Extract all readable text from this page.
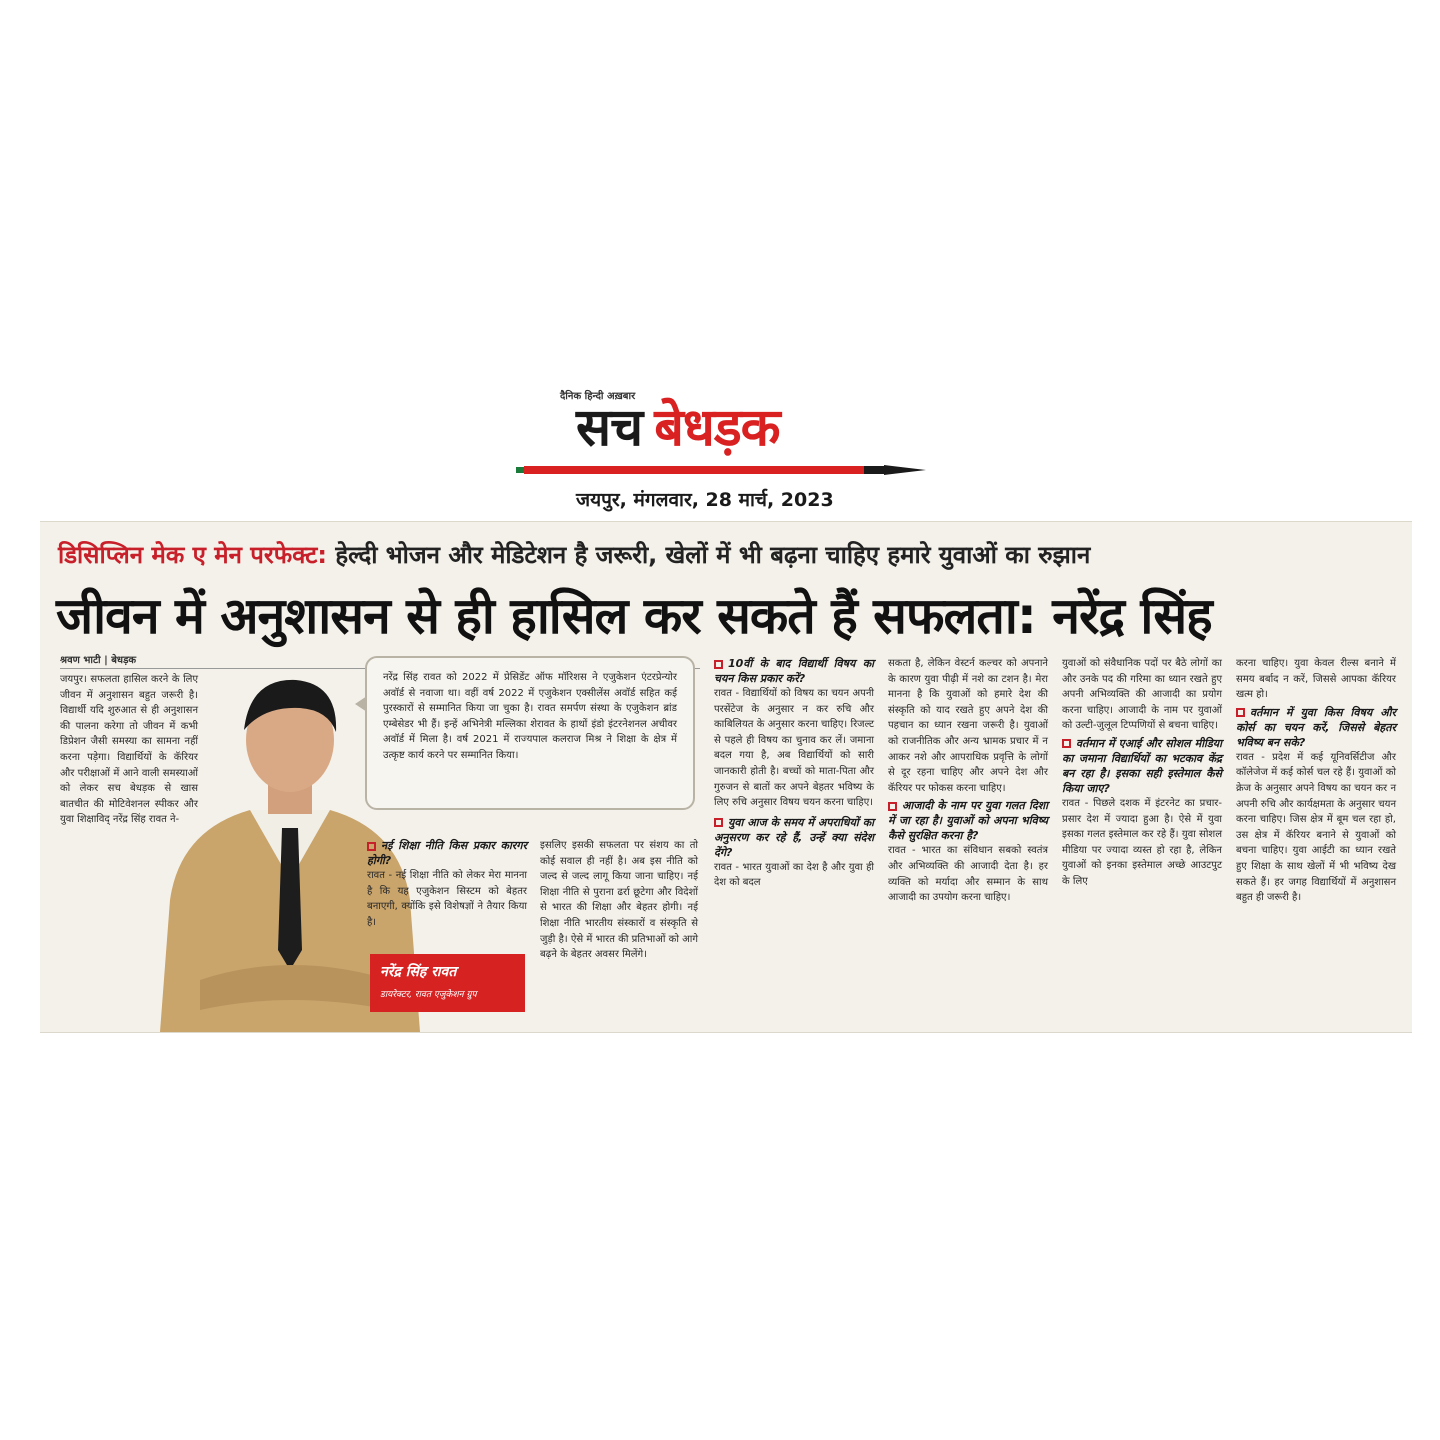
दैनिक हिन्दी अख़बार
सच बेधड़क
जयपुर, मंगलवार, 28 मार्च, 2023
डिसिप्लिन मेक ए मेन परफेक्ट: हेल्दी भोजन और मेडिटेशन है जरूरी, खेलों में भी बढ़ना चाहिए हमारे युवाओं का रुझान
जीवन में अनुशासन से ही हासिल कर सकते हैं सफलता: नरेंद्र सिंह
श्रवण भाटी | बेधड़क

जयपुर। सफलता हासिल करने के लिए जीवन में अनुशासन बहुत जरूरी है। विद्यार्थी यदि शुरुआत से ही अनुशासन की पालना करेगा तो जीवन में कभी डिप्रेशन जैसी समस्या का सामना नहीं करना पड़ेगा। विद्यार्थियों के कॅरियर और परीक्षाओं में आने वाली समस्याओं को लेकर सच बेधड़क से खास बातचीत की मोटिवेशनल स्पीकर और युवा शिक्षाविद् नरेंद्र सिंह रावत ने-

नरेंद्र सिंह रावत को 2022 में प्रेसिडेंट ऑफ मॉरिशस ने एजुकेशन एंटरप्रेन्योर अवॉर्ड से नवाजा था। वहीं वर्ष 2022 में एजुकेशन एक्सीलेंस अवॉर्ड सहित कई पुरस्कारों से सम्मानित किया जा चुका है। रावत समर्पण संस्था के एजुकेशन ब्रांड एम्बेसेडर भी हैं। इन्हें अभिनेत्री मल्लिका शेरावत के हाथों इंडो इंटरनेशनल अचीवर अवॉर्ड में मिला है। वर्ष 2021 में राज्यपाल कलराज मिश्र ने शिक्षा के क्षेत्र में उत्कृष्ट कार्य करने पर सम्मानित किया।

नरेंद्र सिंह रावत
डायरेक्टर, रावत एजुकेशन ग्रुप
नई शिक्षा नीति किस प्रकार कारगर होगी?

रावत - नई शिक्षा नीति को लेकर मेरा मानना है कि यह एजुकेशन सिस्टम को बेहतर बनाएगी, क्योंकि इसे विशेषज्ञों ने तैयार किया है।

इसलिए इसकी सफलता पर संशय का तो कोई सवाल ही नहीं है। अब इस नीति को जल्द से जल्द लागू किया जाना चाहिए। नई शिक्षा नीति से पुराना ढर्रा छूटेगा और विदेशों से भारत की शिक्षा और बेहतर होगी। नई शिक्षा नीति भारतीय संस्कारों व संस्कृति से जुड़ी है। ऐसे में भारत की प्रतिभाओं को आगे बढ़ने के बेहतर अवसर मिलेंगे।

10वीं के बाद विद्यार्थी विषय का चयन किस प्रकार करें?

रावत - विद्यार्थियों को विषय का चयन अपनी परसेंटेज के अनुसार न कर रुचि और काबिलियत के अनुसार करना चाहिए। रिजल्ट से पहले ही विषय का चुनाव कर लें। जमाना बदल गया है, अब विद्यार्थियों को सारी जानकारी होती है। बच्चों को माता-पिता और गुरुजन से बातों कर अपने बेहतर भविष्य के लिए रुचि अनुसार विषय चयन करना चाहिए।

युवा आज के समय में अपराधियों का अनुसरण कर रहे हैं, उन्हें क्या संदेश देंगे?

रावत - भारत युवाओं का देश है और युवा ही देश को बदल

सकता है, लेकिन वेस्टर्न कल्चर को अपनाने के कारण युवा पीढ़ी में नशे का टशन है। मेरा मानना है कि युवाओं को हमारे देश की संस्कृति को याद रखते हुए अपने देश की पहचान का ध्यान रखना जरूरी है। युवाओं को राजनीतिक और अन्य भ्रामक प्रचार में न आकर नशे और आपराधिक प्रवृत्ति के लोगों से दूर रहना चाहिए और अपने देश और कॅरियर पर फोकस करना चाहिए।

आजादी के नाम पर युवा गलत दिशा में जा रहा है। युवाओं को अपना भविष्य कैसे सुरक्षित करना है?

रावत - भारत का संविधान सबको स्वतंत्र और अभिव्यक्ति की आजादी देता है। हर व्यक्ति को मर्यादा और सम्मान के साथ आजादी का उपयोग करना चाहिए।

युवाओं को संवैधानिक पदों पर बैठे लोगों का और उनके पद की गरिमा का ध्यान रखते हुए अपनी अभिव्यक्ति की आजादी का प्रयोग करना चाहिए। आजादी के नाम पर युवाओं को उल्टी-जुलूल टिप्पणियों से बचना चाहिए।

वर्तमान में एआई और सोशल मीडिया का जमाना विद्यार्थियों का भटकाव केंद्र बन रहा है। इसका सही इस्तेमाल कैसे किया जाए?

रावत - पिछले दशक में इंटरनेट का प्रचार-प्रसार देश में ज्यादा हुआ है। ऐसे में युवा इसका गलत इस्तेमाल कर रहे हैं। युवा सोशल मीडिया पर ज्यादा व्यस्त हो रहा है, लेकिन युवाओं को इनका इस्तेमाल अच्छे आउटपुट के लिए

करना चाहिए। युवा केवल रील्स बनाने में समय बर्बाद न करें, जिससे आपका कॅरियर खत्म हो।

वर्तमान में युवा किस विषय और कोर्स का चयन करें, जिससे बेहतर भविष्य बन सके?

रावत - प्रदेश में कई यूनिवर्सिटीज और कॉलेजेज में कई कोर्स चल रहे हैं। युवाओं को क्रेज के अनुसार अपने विषय का चयन कर न अपनी रुचि और कार्यक्षमता के अनुसार चयन करना चाहिए। जिस क्षेत्र में बूम चल रहा हो, उस क्षेत्र में कॅरियर बनाने से युवाओं को बचना चाहिए। युवा आईटी का ध्यान रखते हुए शिक्षा के साथ खेलों में भी भविष्य देख सकते हैं। हर जगह विद्यार्थियों में अनुशासन बहुत ही जरूरी है।
